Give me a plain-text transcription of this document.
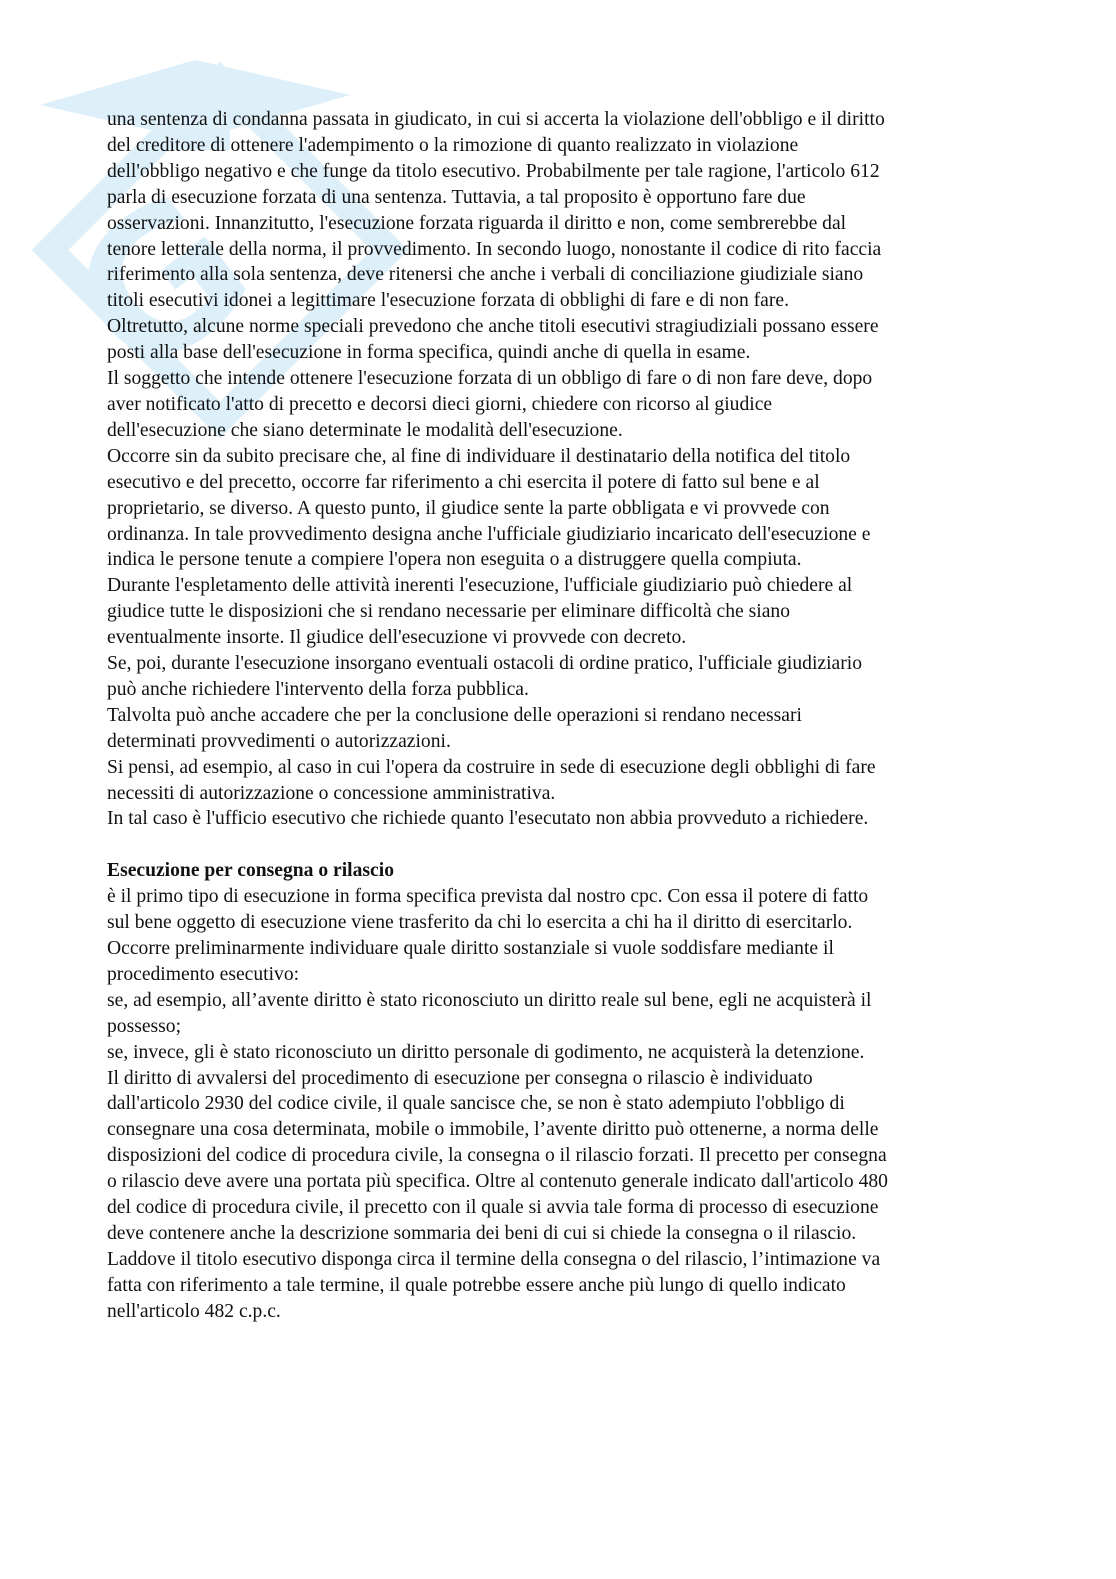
G
una sentenza di condanna passata in giudicato, in cui si accerta la violazione dell'obbligo e il diritto
del creditore di ottenere l'adempimento o la rimozione di quanto realizzato in violazione
dell'obbligo negativo e che funge da titolo esecutivo. Probabilmente per tale ragione, l'articolo 612
parla di esecuzione forzata di una sentenza. Tuttavia, a tal proposito è opportuno fare due
osservazioni. Innanzitutto, l'esecuzione forzata riguarda il diritto e non, come sembrerebbe dal
tenore letterale della norma, il provvedimento. In secondo luogo, nonostante il codice di rito faccia
riferimento alla sola sentenza, deve ritenersi che anche i verbali di conciliazione giudiziale siano
titoli esecutivi idonei a legittimare l'esecuzione forzata di obblighi di fare e di non fare.
Oltretutto, alcune norme speciali prevedono che anche titoli esecutivi stragiudiziali possano essere
posti alla base dell'esecuzione in forma specifica, quindi anche di quella in esame.
Il soggetto che intende ottenere l'esecuzione forzata di un obbligo di fare o di non fare deve, dopo
aver notificato l'atto di precetto e decorsi dieci giorni, chiedere con ricorso al giudice
dell'esecuzione che siano determinate le modalità dell'esecuzione.
Occorre sin da subito precisare che, al fine di individuare il destinatario della notifica del titolo
esecutivo e del precetto, occorre far riferimento a chi esercita il potere di fatto sul bene e al
proprietario, se diverso. A questo punto, il giudice sente la parte obbligata e vi provvede con
ordinanza. In tale provvedimento designa anche l'ufficiale giudiziario incaricato dell'esecuzione e
indica le persone tenute a compiere l'opera non eseguita o a distruggere quella compiuta.
Durante l'espletamento delle attività inerenti l'esecuzione, l'ufficiale giudiziario può chiedere al
giudice tutte le disposizioni che si rendano necessarie per eliminare difficoltà che siano
eventualmente insorte. Il giudice dell'esecuzione vi provvede con decreto.
Se, poi, durante l'esecuzione insorgano eventuali ostacoli di ordine pratico, l'ufficiale giudiziario
può anche richiedere l'intervento della forza pubblica.
Talvolta può anche accadere che per la conclusione delle operazioni si rendano necessari
determinati provvedimenti o autorizzazioni.
Si pensi, ad esempio, al caso in cui l'opera da costruire in sede di esecuzione degli obblighi di fare
necessiti di autorizzazione o concessione amministrativa.
In tal caso è l'ufficio esecutivo che richiede quanto l'esecutato non abbia provveduto a richiedere.
Esecuzione per consegna o rilascio
è il primo tipo di esecuzione in forma specifica prevista dal nostro cpc. Con essa il potere di fatto
sul bene oggetto di esecuzione viene trasferito da chi lo esercita a chi ha il diritto di esercitarlo.
Occorre preliminarmente individuare quale diritto sostanziale si vuole soddisfare mediante il
procedimento esecutivo:
se, ad esempio, all’avente diritto è stato riconosciuto un diritto reale sul bene, egli ne acquisterà il
possesso;
se, invece, gli è stato riconosciuto un diritto personale di godimento, ne acquisterà la detenzione.
Il diritto di avvalersi del procedimento di esecuzione per consegna o rilascio è individuato
dall'articolo 2930 del codice civile, il quale sancisce che, se non è stato adempiuto l'obbligo di
consegnare una cosa determinata, mobile o immobile, l’avente diritto può ottenerne, a norma delle
disposizioni del codice di procedura civile, la consegna o il rilascio forzati. Il precetto per consegna
o rilascio deve avere una portata più specifica. Oltre al contenuto generale indicato dall'articolo 480
del codice di procedura civile, il precetto con il quale si avvia tale forma di processo di esecuzione
deve contenere anche la descrizione sommaria dei beni di cui si chiede la consegna o il rilascio.
Laddove il titolo esecutivo disponga circa il termine della consegna o del rilascio, l’intimazione va
fatta con riferimento a tale termine, il quale potrebbe essere anche più lungo di quello indicato
nell'articolo 482 c.p.c.
